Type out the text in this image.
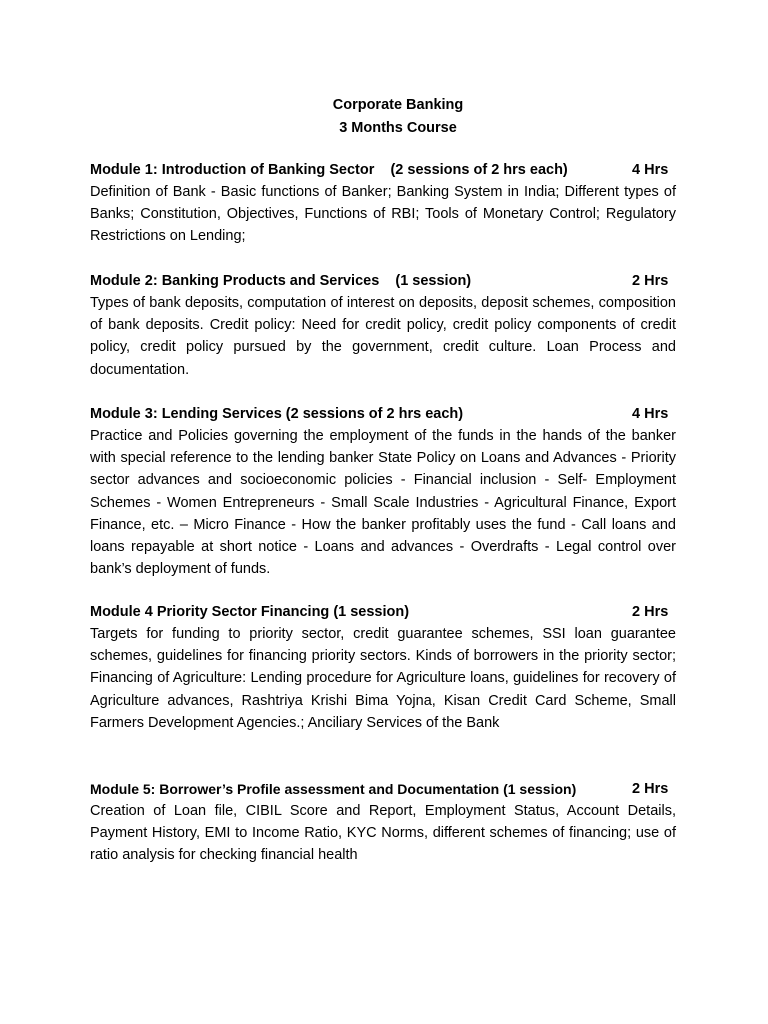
Corporate Banking
3 Months Course
Module 1: Introduction of Banking Sector    (2 sessions of 2 hrs each)	4 Hrs

Definition of Bank - Basic functions of Banker; Banking System in India; Different types of Banks; Constitution, Objectives, Functions of RBI; Tools of Monetary Control; Regulatory Restrictions on Lending;

Module 2: Banking Products and Services    (1 session)	2 Hrs

Types of bank deposits, computation of interest on deposits, deposit schemes, composition of bank deposits. Credit policy: Need for credit policy, credit policy components of credit policy, credit policy pursued by the government, credit culture. Loan Process and documentation.

Module 3: Lending Services (2 sessions of 2 hrs each)	4 Hrs

Practice and Policies governing the employment of the funds in the hands of the banker with special reference to the lending banker State Policy on Loans and Advances - Priority sector advances and socioeconomic policies - Financial inclusion - Self- Employment Schemes - Women Entrepreneurs - Small Scale Industries - Agricultural Finance, Export Finance, etc. – Micro Finance - How the banker profitably uses the fund - Call loans and loans repayable at short notice - Loans and advances - Overdrafts - Legal control over bank’s deployment of funds.

Module 4 Priority Sector Financing (1 session)	2 Hrs

Targets for funding to priority sector, credit guarantee schemes, SSI loan guarantee schemes, guidelines for financing priority sectors. Kinds of borrowers in the priority sector; Financing of Agriculture: Lending procedure for Agriculture loans, guidelines for recovery of Agriculture advances, Rashtriya Krishi Bima Yojna, Kisan Credit Card Scheme, Small Farmers Development Agencies.; Anciliary Services of the Bank

Module 5: Borrower’s Profile assessment and Documentation (1 session)	2 Hrs

Creation of Loan file, CIBIL Score and Report, Employment Status, Account Details, Payment History, EMI to Income Ratio, KYC Norms, different schemes of financing; use of ratio analysis for checking financial health
